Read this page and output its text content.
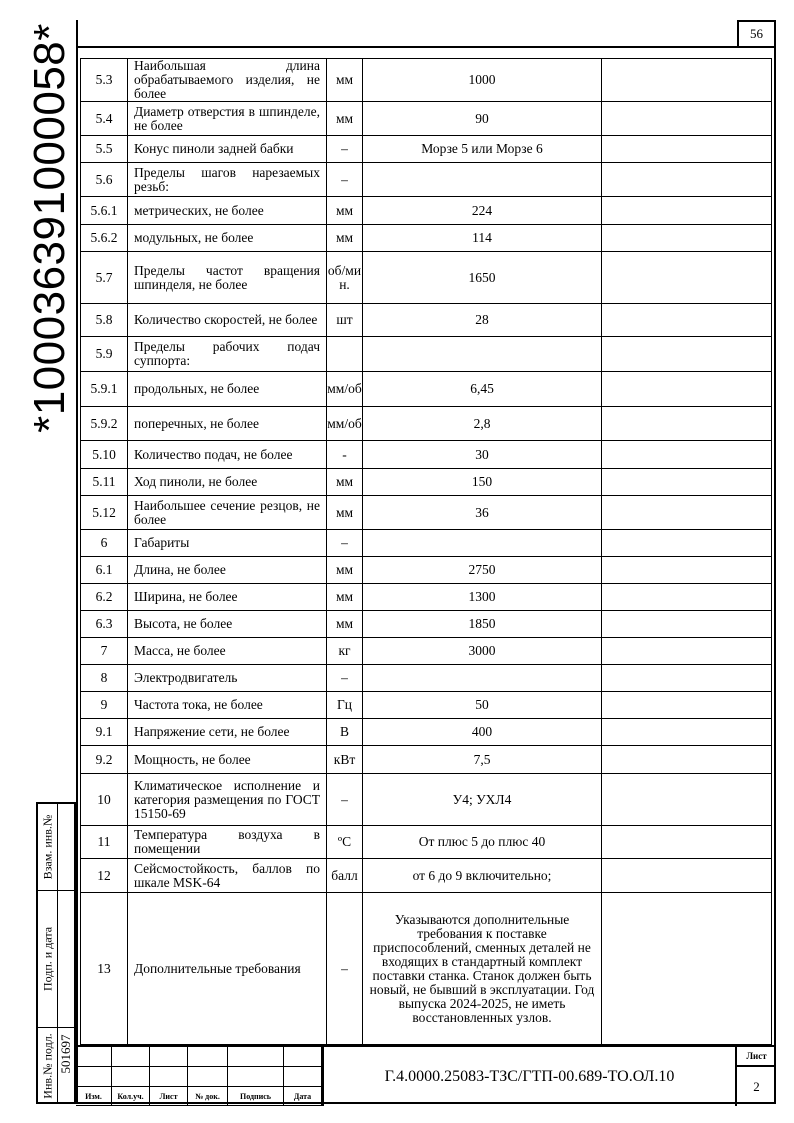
*100036391000058*	56
5.3	Наибольшая длина обрабатываемого изделия, не более	мм	1000	
5.4	Диаметр отверстия в шпинделе, не более	мм	90	
5.5	Конус пиноли задней бабки	–	Морзе 5 или Морзе 6	
5.6	Пределы шагов нарезаемых резьб:	–		
5.6.1	метрических, не более	мм	224	
5.6.2	модульных, не более	мм	114	
5.7	Пределы частот вращения шпинделя, не более	об/мин.	1650	
5.8	Количество скоростей, не более	шт	28	
5.9	Пределы рабочих подач суппорта:			
5.9.1	продольных, не более	мм/об	6,45	
5.9.2	поперечных, не более	мм/об	2,8	
5.10	Количество подач, не более	-	30	
5.11	Ход пиноли, не более	мм	150	
5.12	Наибольшее сечение резцов, не более	мм	36	
6	Габариты	–		
6.1	Длина, не более	мм	2750	
6.2	Ширина, не более	мм	1300	
6.3	Высота, не более	мм	1850	
7	Масса, не более	кг	3000	
8	Электродвигатель	–		
9	Частота тока, не более	Гц	50	
9.1	Напряжение сети, не более	В	400	
9.2	Мощность, не более	кВт	7,5	
10	Климатическое исполнение и категория размещения по ГОСТ 15150-69	–	У4; УХЛ4	
11	Температура воздуха в помещении	ºС	От плюс 5 до плюс 40	
12	Сейсмостойкость, баллов по шкале MSK-64	балл	от 6 до 9 включительно;	
13	Дополнительные требования	–	Указываются дополнительные требования к поставке приспособлений, сменных деталей не входящих в стандартный комплект поставки станка. Станок должен быть новый, не бывший в эксплуатации. Год выпуска 2024-2025, не иметь восстановленных узлов.	
Взам. инв.№
Подп. и дата
Инв.№ подл. 501697
Г.4.0000.25083-ТЗС/ГТП-00.689-ТО.ОЛ.10
Лист
2
Изм.	Кол.уч.	Лист	№ док.	Подпись	Дата
